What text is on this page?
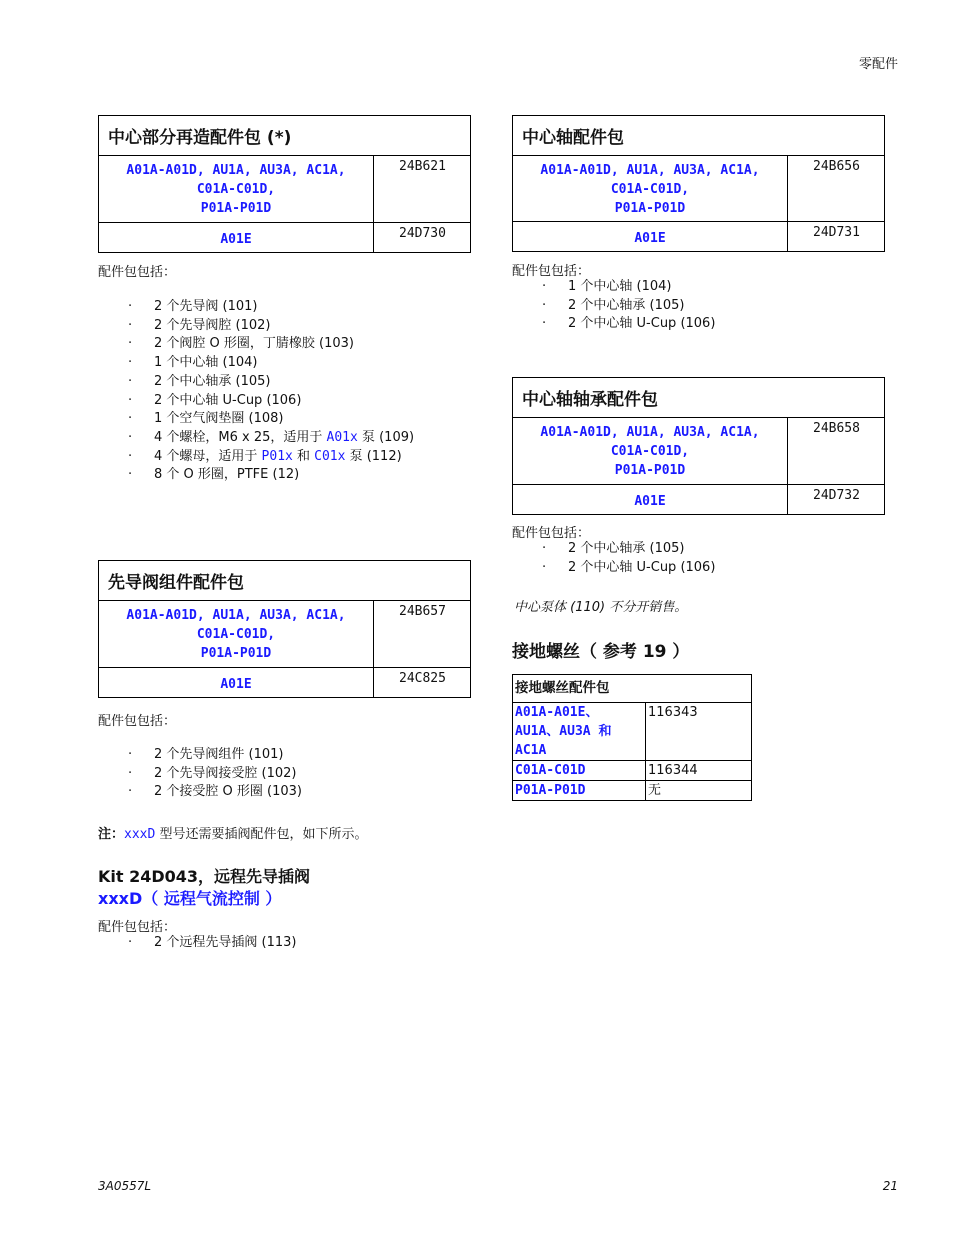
零配件
中心部分再造配件包 (*)	

A01A-A01D, AU1A, AU3A, AC1A,
C01A-C01D,
P01A-P01D	24B621

A01E	24D730
配件包包括：
· 2 个先导阀 (101)
· 2 个先导阀腔 (102)
· 2 个阀腔 O 形圈，丁腈橡胶 (103)
· 1 个中心轴 (104)
· 2 个中心轴承 (105)
· 2 个中心轴 U-Cup (106)
· 1 个空气阀垫圈 (108)
· 4 个螺栓，M6 x 25，适用于 A01x 泵 (109)
· 4 个螺母，适用于 P01x 和 C01x 泵 (112)
· 8 个 O 形圈，PTFE (12)
先导阀组件配件包	

A01A-A01D, AU1A, AU3A, AC1A,
C01A-C01D,
P01A-P01D	24B657

A01E	24C825
配件包包括：
· 2 个先导阀组件 (101)
· 2 个先导阀接受腔 (102)
· 2 个接受腔 O 形圈 (103)
注：xxxD 型号还需要插阀配件包，如下所示。
Kit 24D043，远程先导插阀
xxxD（ 远程气流控制 ）
配件包包括：
· 2 个远程先导插阀 (113)
中心轴配件包	

A01A-A01D, AU1A, AU3A, AC1A,
C01A-C01D,
P01A-P01D	24B656

A01E	24D731
配件包包括：
· 1 个中心轴 (104)
· 2 个中心轴承 (105)
· 2 个中心轴 U-Cup (106)
中心轴轴承配件包	

A01A-A01D, AU1A, AU3A, AC1A,
C01A-C01D,
P01A-P01D	24B658

A01E	24D732
配件包包括：
· 2 个中心轴承 (105)
· 2 个中心轴 U-Cup (106)
中心泵体 (110) 不分开销售。
接地螺丝（ 参考 19 ）
接地螺丝配件包	

A01A-A01E、
AU1A、AU3A 和
AC1A	116343

C01A-C01D	116344

P01A-P01D	无
3A0557L	21
